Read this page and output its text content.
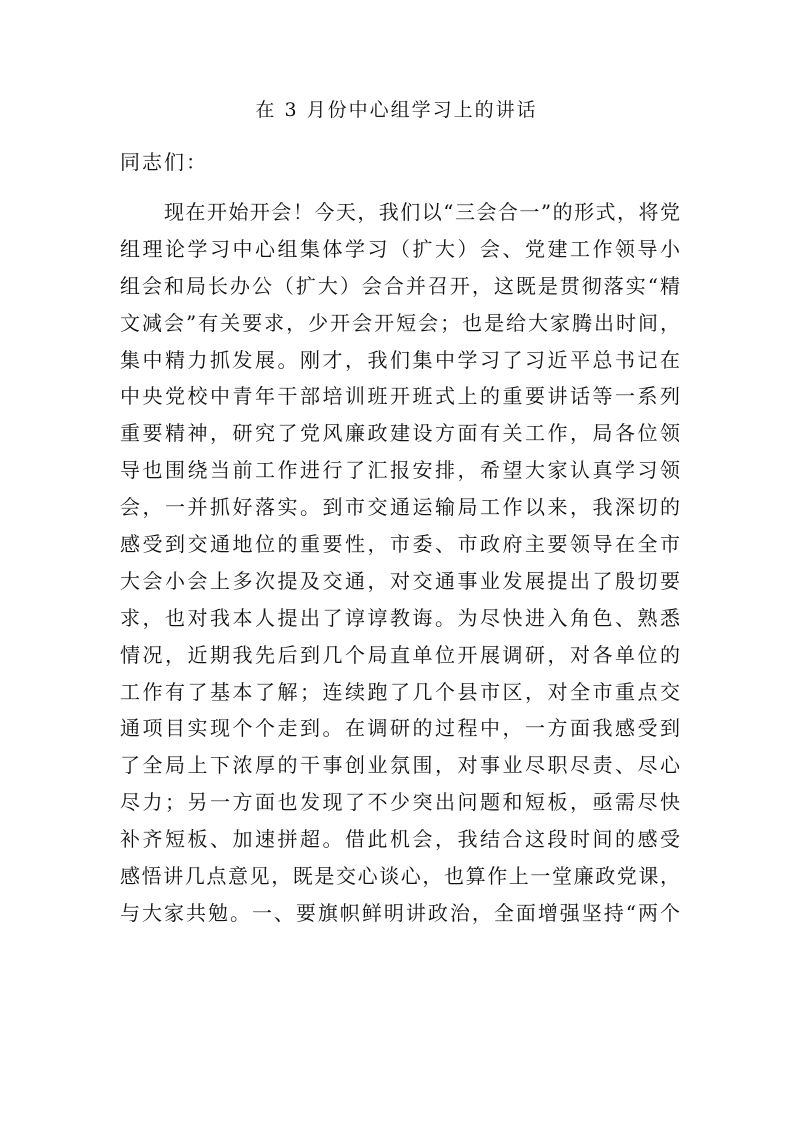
在 3 月份中心组学习上的讲话
同志们：
现在开始开会！今天，我们以“三会合一”的形式，将党
组理论学习中心组集体学习（扩大）会、党建工作领导小
组会和局长办公（扩大）会合并召开，这既是贯彻落实“精
文减会”有关要求，少开会开短会；也是给大家腾出时间，
集中精力抓发展。刚才，我们集中学习了习近平总书记在
中央党校中青年干部培训班开班式上的重要讲话等一系列
重要精神，研究了党风廉政建设方面有关工作，局各位领
导也围绕当前工作进行了汇报安排，希望大家认真学习领
会，一并抓好落实。到市交通运输局工作以来，我深切的
感受到交通地位的重要性，市委、市政府主要领导在全市
大会小会上多次提及交通，对交通事业发展提出了殷切要
求，也对我本人提出了谆谆教诲。为尽快进入角色、熟悉
情况，近期我先后到几个局直单位开展调研，对各单位的
工作有了基本了解；连续跑了几个县市区，对全市重点交
通项目实现个个走到。在调研的过程中，一方面我感受到
了全局上下浓厚的干事创业氛围，对事业尽职尽责、尽心
尽力；另一方面也发现了不少突出问题和短板，亟需尽快
补齐短板、加速拼超。借此机会，我结合这段时间的感受
感悟讲几点意见，既是交心谈心，也算作上一堂廉政党课，
与大家共勉。一、要旗帜鲜明讲政治，全面增强坚持“两个
